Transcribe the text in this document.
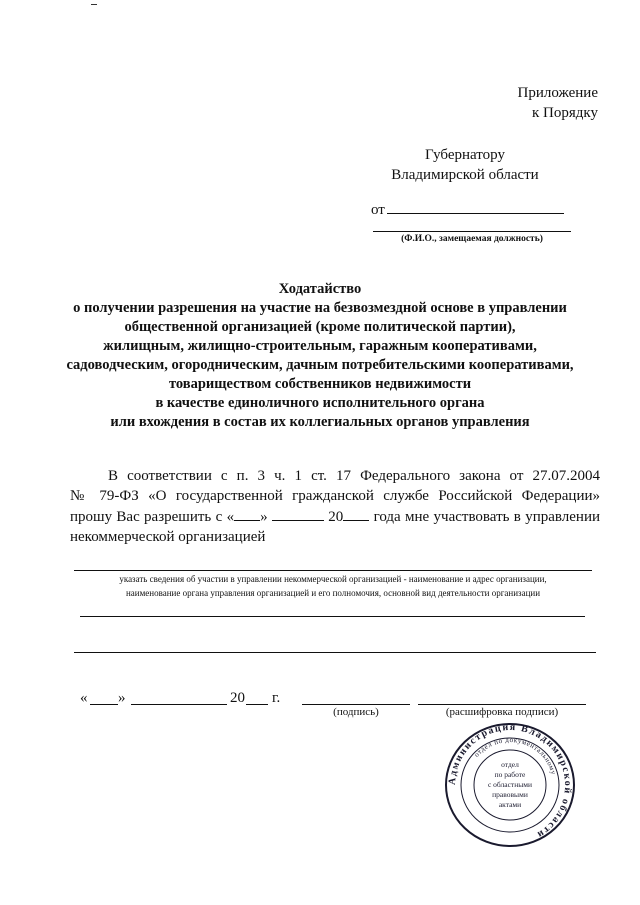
Приложение
к Порядку
Губернатору
Владимирской области
от
(Ф.И.О., замещаемая должность)
Ходатайство
о получении разрешения на участие на безвозмездной основе в управлении
общественной организацией (кроме политической партии),
жилищным, жилищно-строительным, гаражным кооперативами,
садоводческим, огородническим, дачным потребительскими кооперативами,
товариществом собственников недвижимости
в качестве единоличного исполнительного органа
или вхождения в состав их коллегиальных органов управления
В соответствии с п. 3 ч. 1 ст. 17 Федерального закона от 27.07.2004
№ 79-ФЗ «О государственной гражданской службе Российской Федерации»
прошу Вас разрешить с « »	20 года мне участвовать в управлении
некоммерческой организацией
указать сведения об участии в управлении некоммерческой организацией - наименование и адрес организации,
наименование органа управления организацией и его полномочия, основной вид деятельности организации
« »	20 г.
(подпись)	(расшифровка подписи)
Администрация Владимирской области
отдел по документальному
отдел
по работе
с областными
правовыми
актами
